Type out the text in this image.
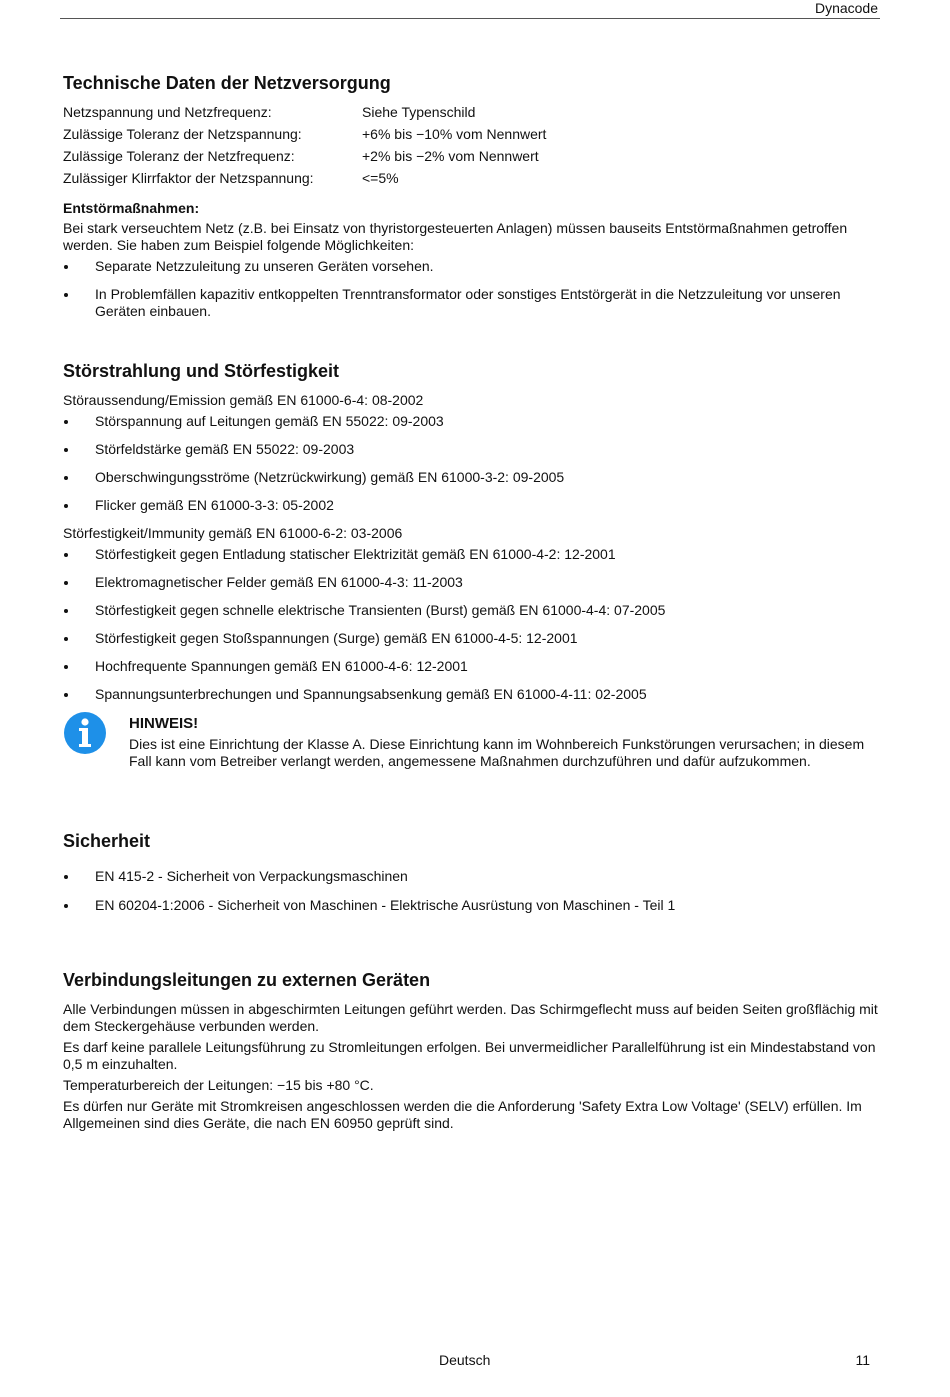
Dynacode
Technische Daten der Netzversorgung
Netzspannung und Netzfrequenz:	Siehe Typenschild
Zulässige Toleranz der Netzspannung:	+6% bis −10% vom Nennwert
Zulässige Toleranz der Netzfrequenz:	+2% bis −2% vom Nennwert
Zulässiger Klirrfaktor der Netzspannung:	<=5%
Entstörmaßnahmen:

Bei stark verseuchtem Netz (z.B. bei Einsatz von thyristorgesteuerten Anlagen) müssen bauseits Entstörmaßnahmen getroffen werden. Sie haben zum Beispiel folgende Möglichkeiten:

Separate Netzzuleitung zu unseren Geräten vorsehen.
In Problemfällen kapazitiv entkoppelten Trenntransformator oder sonstiges Entstörgerät in die Netzzuleitung vor unseren Geräten einbauen.
Störstrahlung und Störfestigkeit

Störaussendung/Emission gemäß EN 61000-6-4: 08-2002

Störspannung auf Leitungen gemäß EN 55022: 09-2003
Störfeldstärke gemäß EN 55022: 09-2003
Oberschwingungsströme (Netzrückwirkung) gemäß EN 61000-3-2: 09-2005
Flicker gemäß EN 61000-3-3: 05-2002

Störfestigkeit/Immunity gemäß EN 61000-6-2: 03-2006

Störfestigkeit gegen Entladung statischer Elektrizität gemäß EN 61000-4-2: 12-2001
Elektromagnetischer Felder gemäß EN 61000-4-3: 11-2003
Störfestigkeit gegen schnelle elektrische Transienten (Burst) gemäß EN 61000-4-4: 07-2005
Störfestigkeit gegen Stoßspannungen (Surge) gemäß EN 61000-4-5: 12-2001
Hochfrequente Spannungen gemäß EN 61000-4-6: 12-2001
Spannungsunterbrechungen und Spannungsabsenkung gemäß EN 61000-4-11: 02-2005
HINWEIS!
Dies ist eine Einrichtung der Klasse A. Diese Einrichtung kann im Wohnbereich Funkstörungen verursachen; in diesem Fall kann vom Betreiber verlangt werden, angemessene Maßnahmen durchzuführen und dafür aufzukommen.
Sicherheit
EN 415-2 - Sicherheit von Verpackungsmaschinen
EN 60204-1:2006 - Sicherheit von Maschinen - Elektrische Ausrüstung von Maschinen - Teil 1
Verbindungsleitungen zu externen Geräten

Alle Verbindungen müssen in abgeschirmten Leitungen geführt werden. Das Schirmgeflecht muss auf beiden Seiten großflächig mit dem Steckergehäuse verbunden werden.

Es darf keine parallele Leitungsführung zu Stromleitungen erfolgen. Bei unvermeidlicher Parallelführung ist ein Mindestabstand von 0,5 m einzuhalten.

Temperaturbereich der Leitungen: −15 bis +80 °C.

Es dürfen nur Geräte mit Stromkreisen angeschlossen werden die die Anforderung 'Safety Extra Low Voltage' (SELV) erfüllen. Im Allgemeinen sind dies Geräte, die nach EN 60950 geprüft sind.

Deutsch	11
